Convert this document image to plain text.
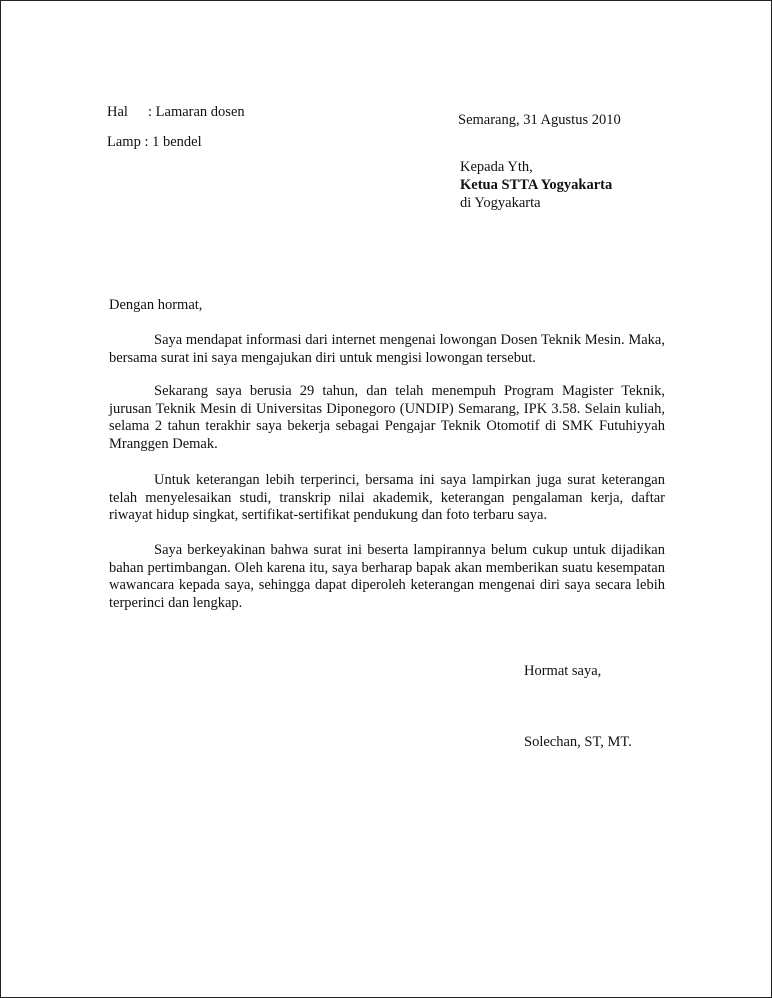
Hal : Lamaran dosen	Semarang, 31 Agustus 2010
Lamp : 1 bendel
Kepada Yth,
Ketua STTA Yogyakarta
di Yogyakarta
Dengan hormat,

Saya mendapat informasi dari internet mengenai lowongan Dosen Teknik Mesin. Maka, bersama surat ini saya mengajukan diri untuk mengisi lowongan tersebut.

Sekarang saya berusia 29 tahun, dan telah menempuh Program Magister Teknik, jurusan Teknik Mesin di Universitas Diponegoro (UNDIP) Semarang, IPK 3.58. Selain kuliah, selama 2 tahun terakhir saya bekerja sebagai Pengajar Teknik Otomotif di SMK Futuhiyyah Mranggen Demak.

Untuk keterangan lebih terperinci, bersama ini saya lampirkan juga surat keterangan telah menyelesaikan studi, transkrip nilai akademik, keterangan pengalaman kerja, daftar riwayat hidup singkat, sertifikat-sertifikat pendukung dan foto terbaru saya.

Saya berkeyakinan bahwa surat ini beserta lampirannya belum cukup untuk dijadikan bahan pertimbangan. Oleh karena itu, saya berharap bapak akan memberikan suatu kesempatan wawancara kepada saya, sehingga dapat diperoleh keterangan mengenai diri saya secara lebih terperinci dan lengkap.

Hormat saya,
Solechan, ST, MT.
